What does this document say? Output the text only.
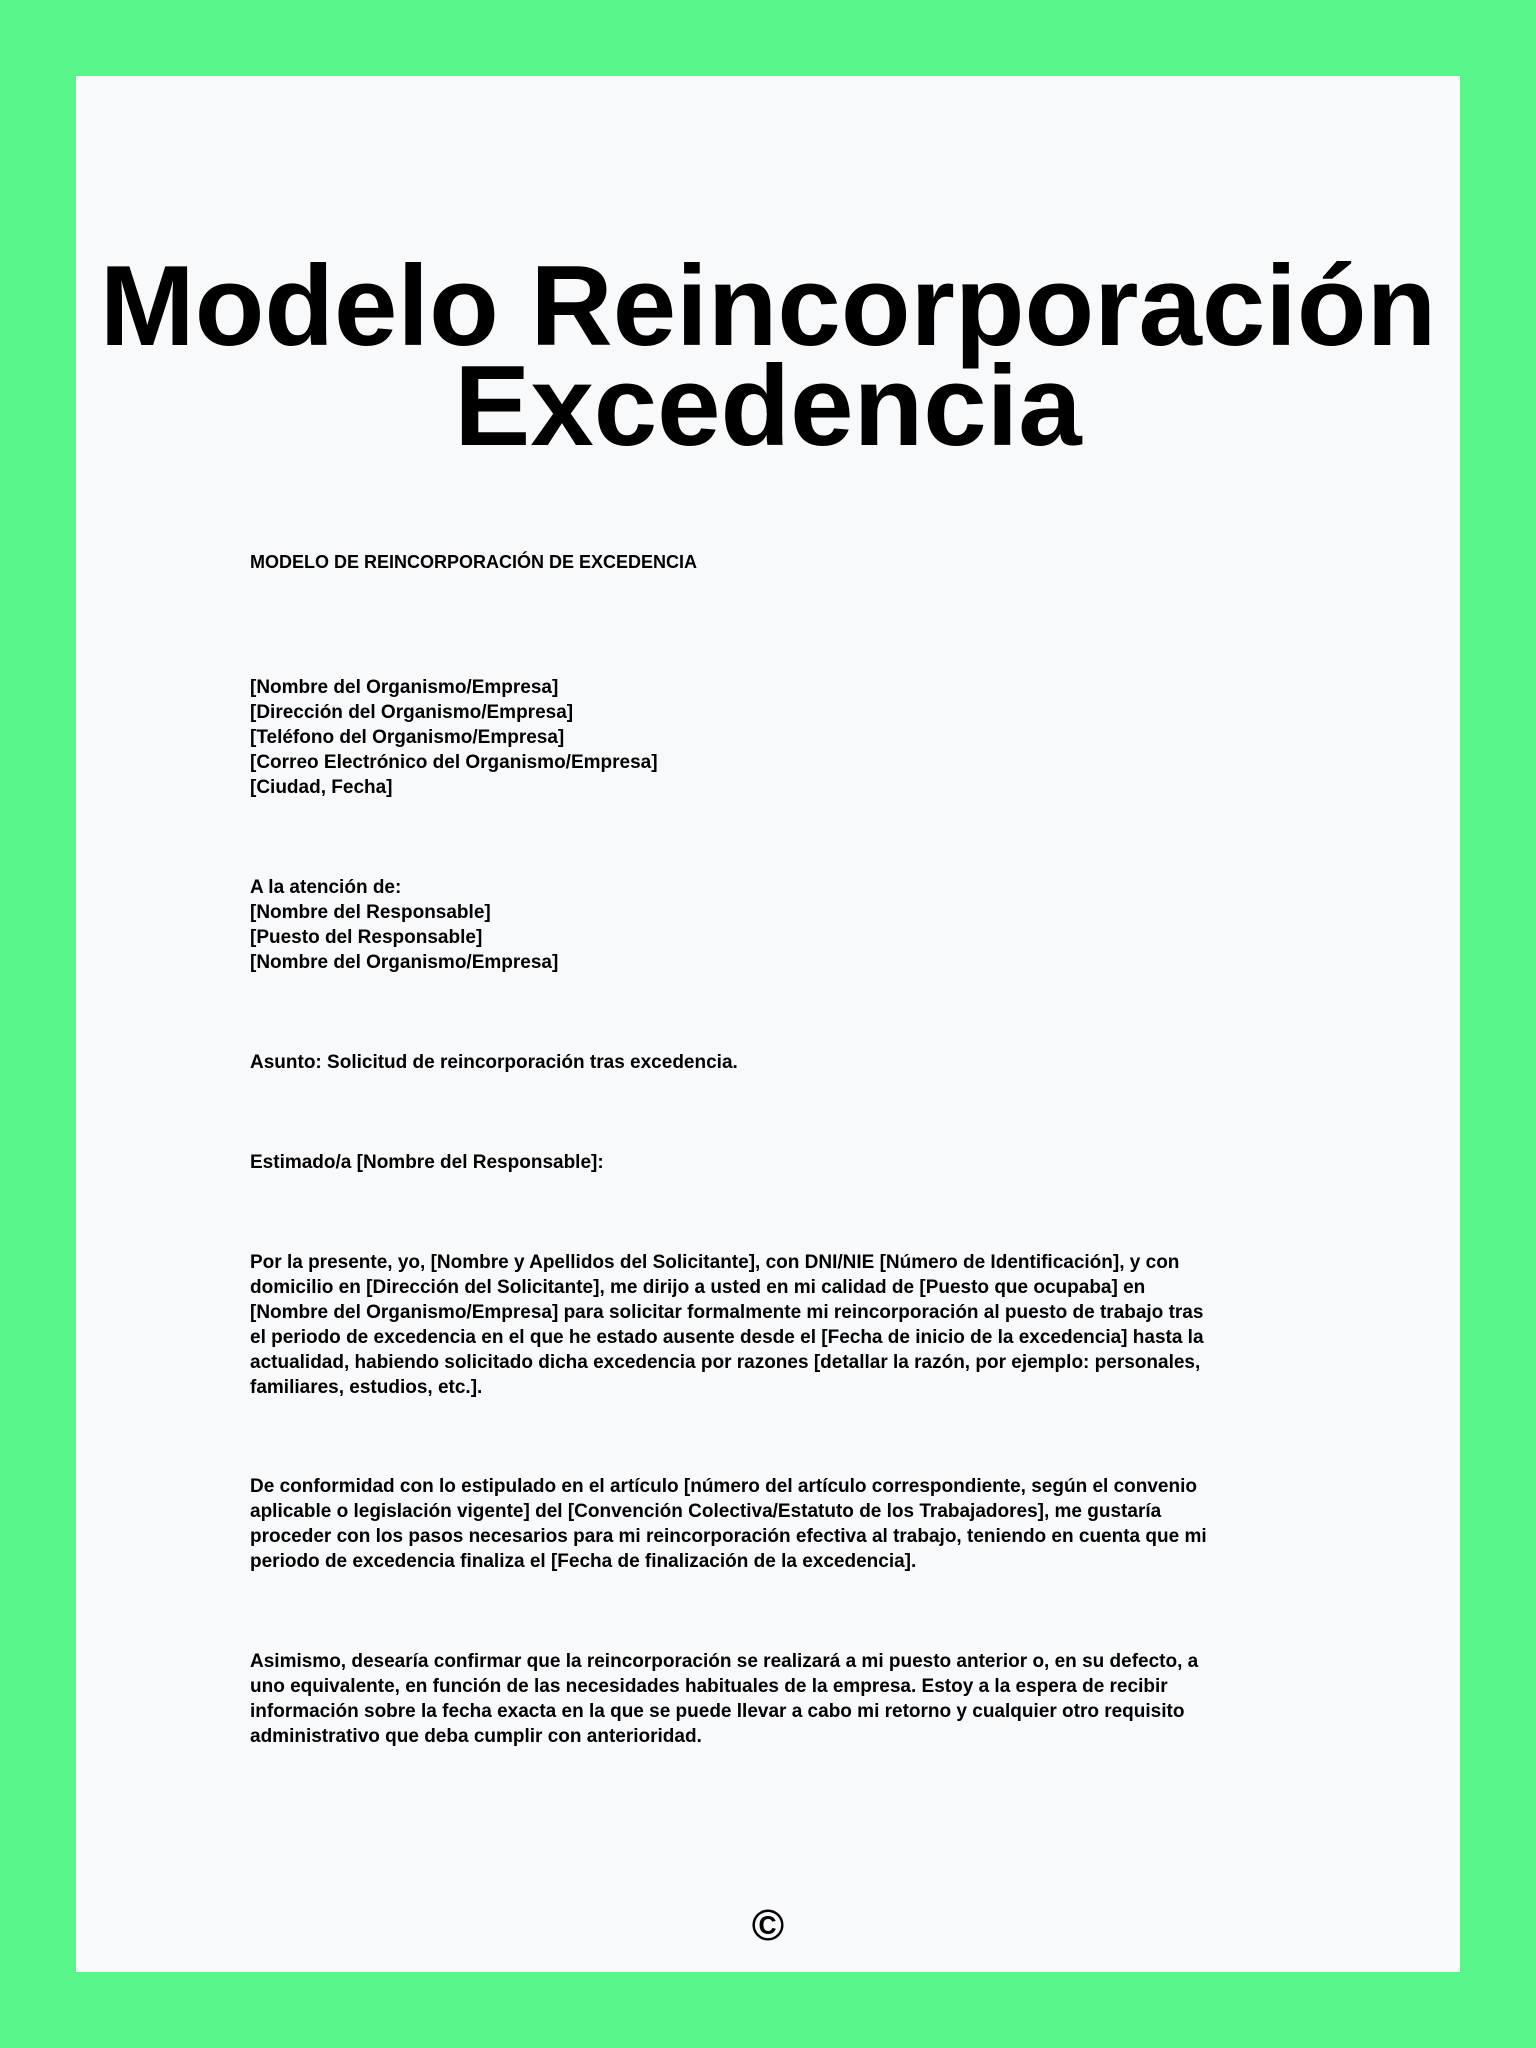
Modelo Reincorporación
Excedencia
MODELO DE REINCORPORACIÓN DE EXCEDENCIA
[Nombre del Organismo/Empresa]
[Dirección del Organismo/Empresa]
[Teléfono del Organismo/Empresa]
[Correo Electrónico del Organismo/Empresa]
[Ciudad, Fecha]
A la atención de:
[Nombre del Responsable]
[Puesto del Responsable]
[Nombre del Organismo/Empresa]
Asunto: Solicitud de reincorporación tras excedencia.
Estimado/a [Nombre del Responsable]:
Por la presente, yo, [Nombre y Apellidos del Solicitante], con DNI/NIE [Número de Identificación], y con
domicilio en [Dirección del Solicitante], me dirijo a usted en mi calidad de [Puesto que ocupaba] en
[Nombre del Organismo/Empresa] para solicitar formalmente mi reincorporación al puesto de trabajo tras
el periodo de excedencia en el que he estado ausente desde el [Fecha de inicio de la excedencia] hasta la
actualidad, habiendo solicitado dicha excedencia por razones [detallar la razón, por ejemplo: personales,
familiares, estudios, etc.].
De conformidad con lo estipulado en el artículo [número del artículo correspondiente, según el convenio
aplicable o legislación vigente] del [Convención Colectiva/Estatuto de los Trabajadores], me gustaría
proceder con los pasos necesarios para mi reincorporación efectiva al trabajo, teniendo en cuenta que mi
periodo de excedencia finaliza el [Fecha de finalización de la excedencia].
Asimismo, desearía confirmar que la reincorporación se realizará a mi puesto anterior o, en su defecto, a
uno equivalente, en función de las necesidades habituales de la empresa. Estoy a la espera de recibir
información sobre la fecha exacta en la que se puede llevar a cabo mi retorno y cualquier otro requisito
administrativo que deba cumplir con anterioridad.
©
